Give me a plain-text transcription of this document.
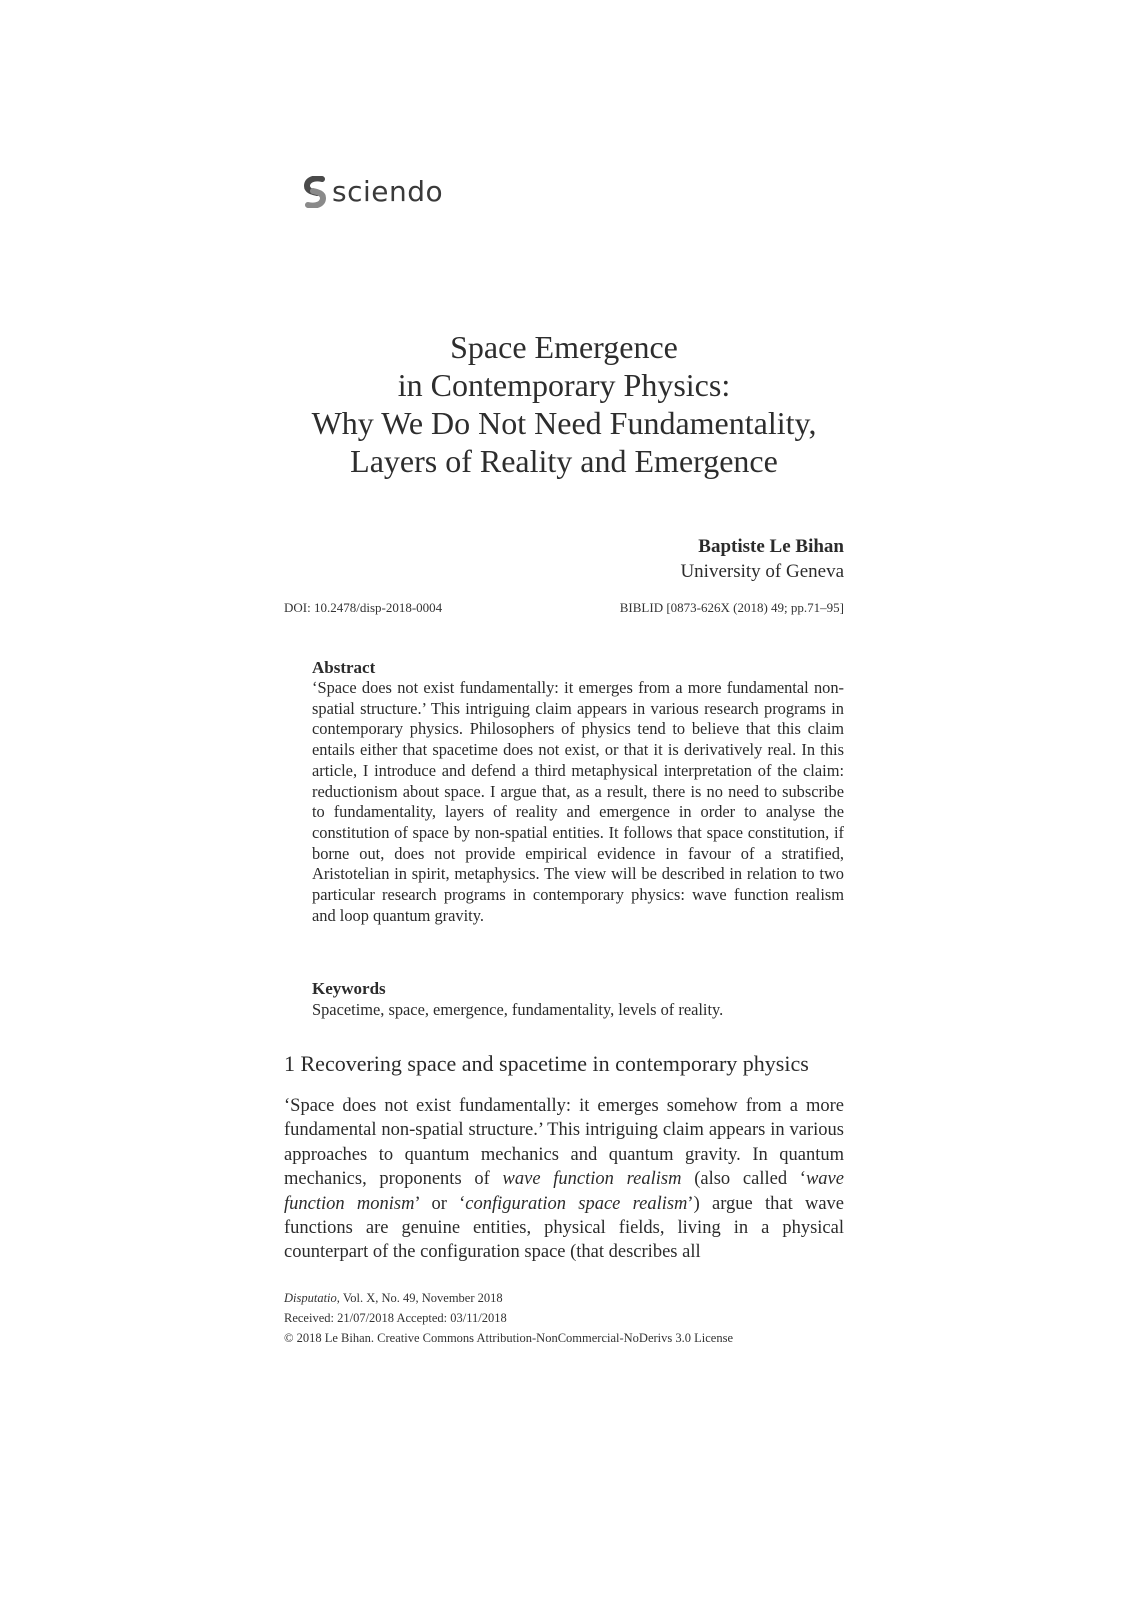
sciendo
Space Emergence
in Contemporary Physics:
Why We Do Not Need Fundamentality,
Layers of Reality and Emergence
Baptiste Le Bihan
University of Geneva
DOI: 10.2478/disp-2018-0004	BIBLID [0873-626X (2018) 49; pp.71–95]
Abstract
‘Space does not exist fundamentally: it emerges from a more fundamental non-spatial structure.’ This intriguing claim appears in various research programs in contemporary physics. Philosophers of physics tend to believe that this claim entails either that spacetime does not exist, or that it is derivatively real. In this article, I introduce and defend a third metaphysical interpretation of the claim: reductionism about space. I argue that, as a result, there is no need to subscribe to fundamentality, layers of reality and emergence in order to analyse the constitution of space by non-spatial entities. It follows that space constitution, if borne out, does not provide empirical evidence in favour of a stratified, Aristotelian in spirit, metaphysics. The view will be described in relation to two particular research programs in contemporary physics: wave function realism and loop quantum gravity.
Keywords
Spacetime, space, emergence, fundamentality, levels of reality.
1 Recovering space and spacetime in contemporary physics
‘Space does not exist fundamentally: it emerges somehow from a more fundamental non-spatial structure.’ This intriguing claim appears in various approaches to quantum mechanics and quantum gravity. In quantum mechanics, proponents of wave function realism (also called ‘wave function monism’ or ‘configuration space realism’) argue that wave functions are genuine entities, physical fields, living in a physical counterpart of the configuration space (that describes all
Disputatio, Vol. X, No. 49, November 2018
Received: 21/07/2018 Accepted: 03/11/2018
© 2018 Le Bihan. Creative Commons Attribution-NonCommercial-NoDerivs 3.0 License
